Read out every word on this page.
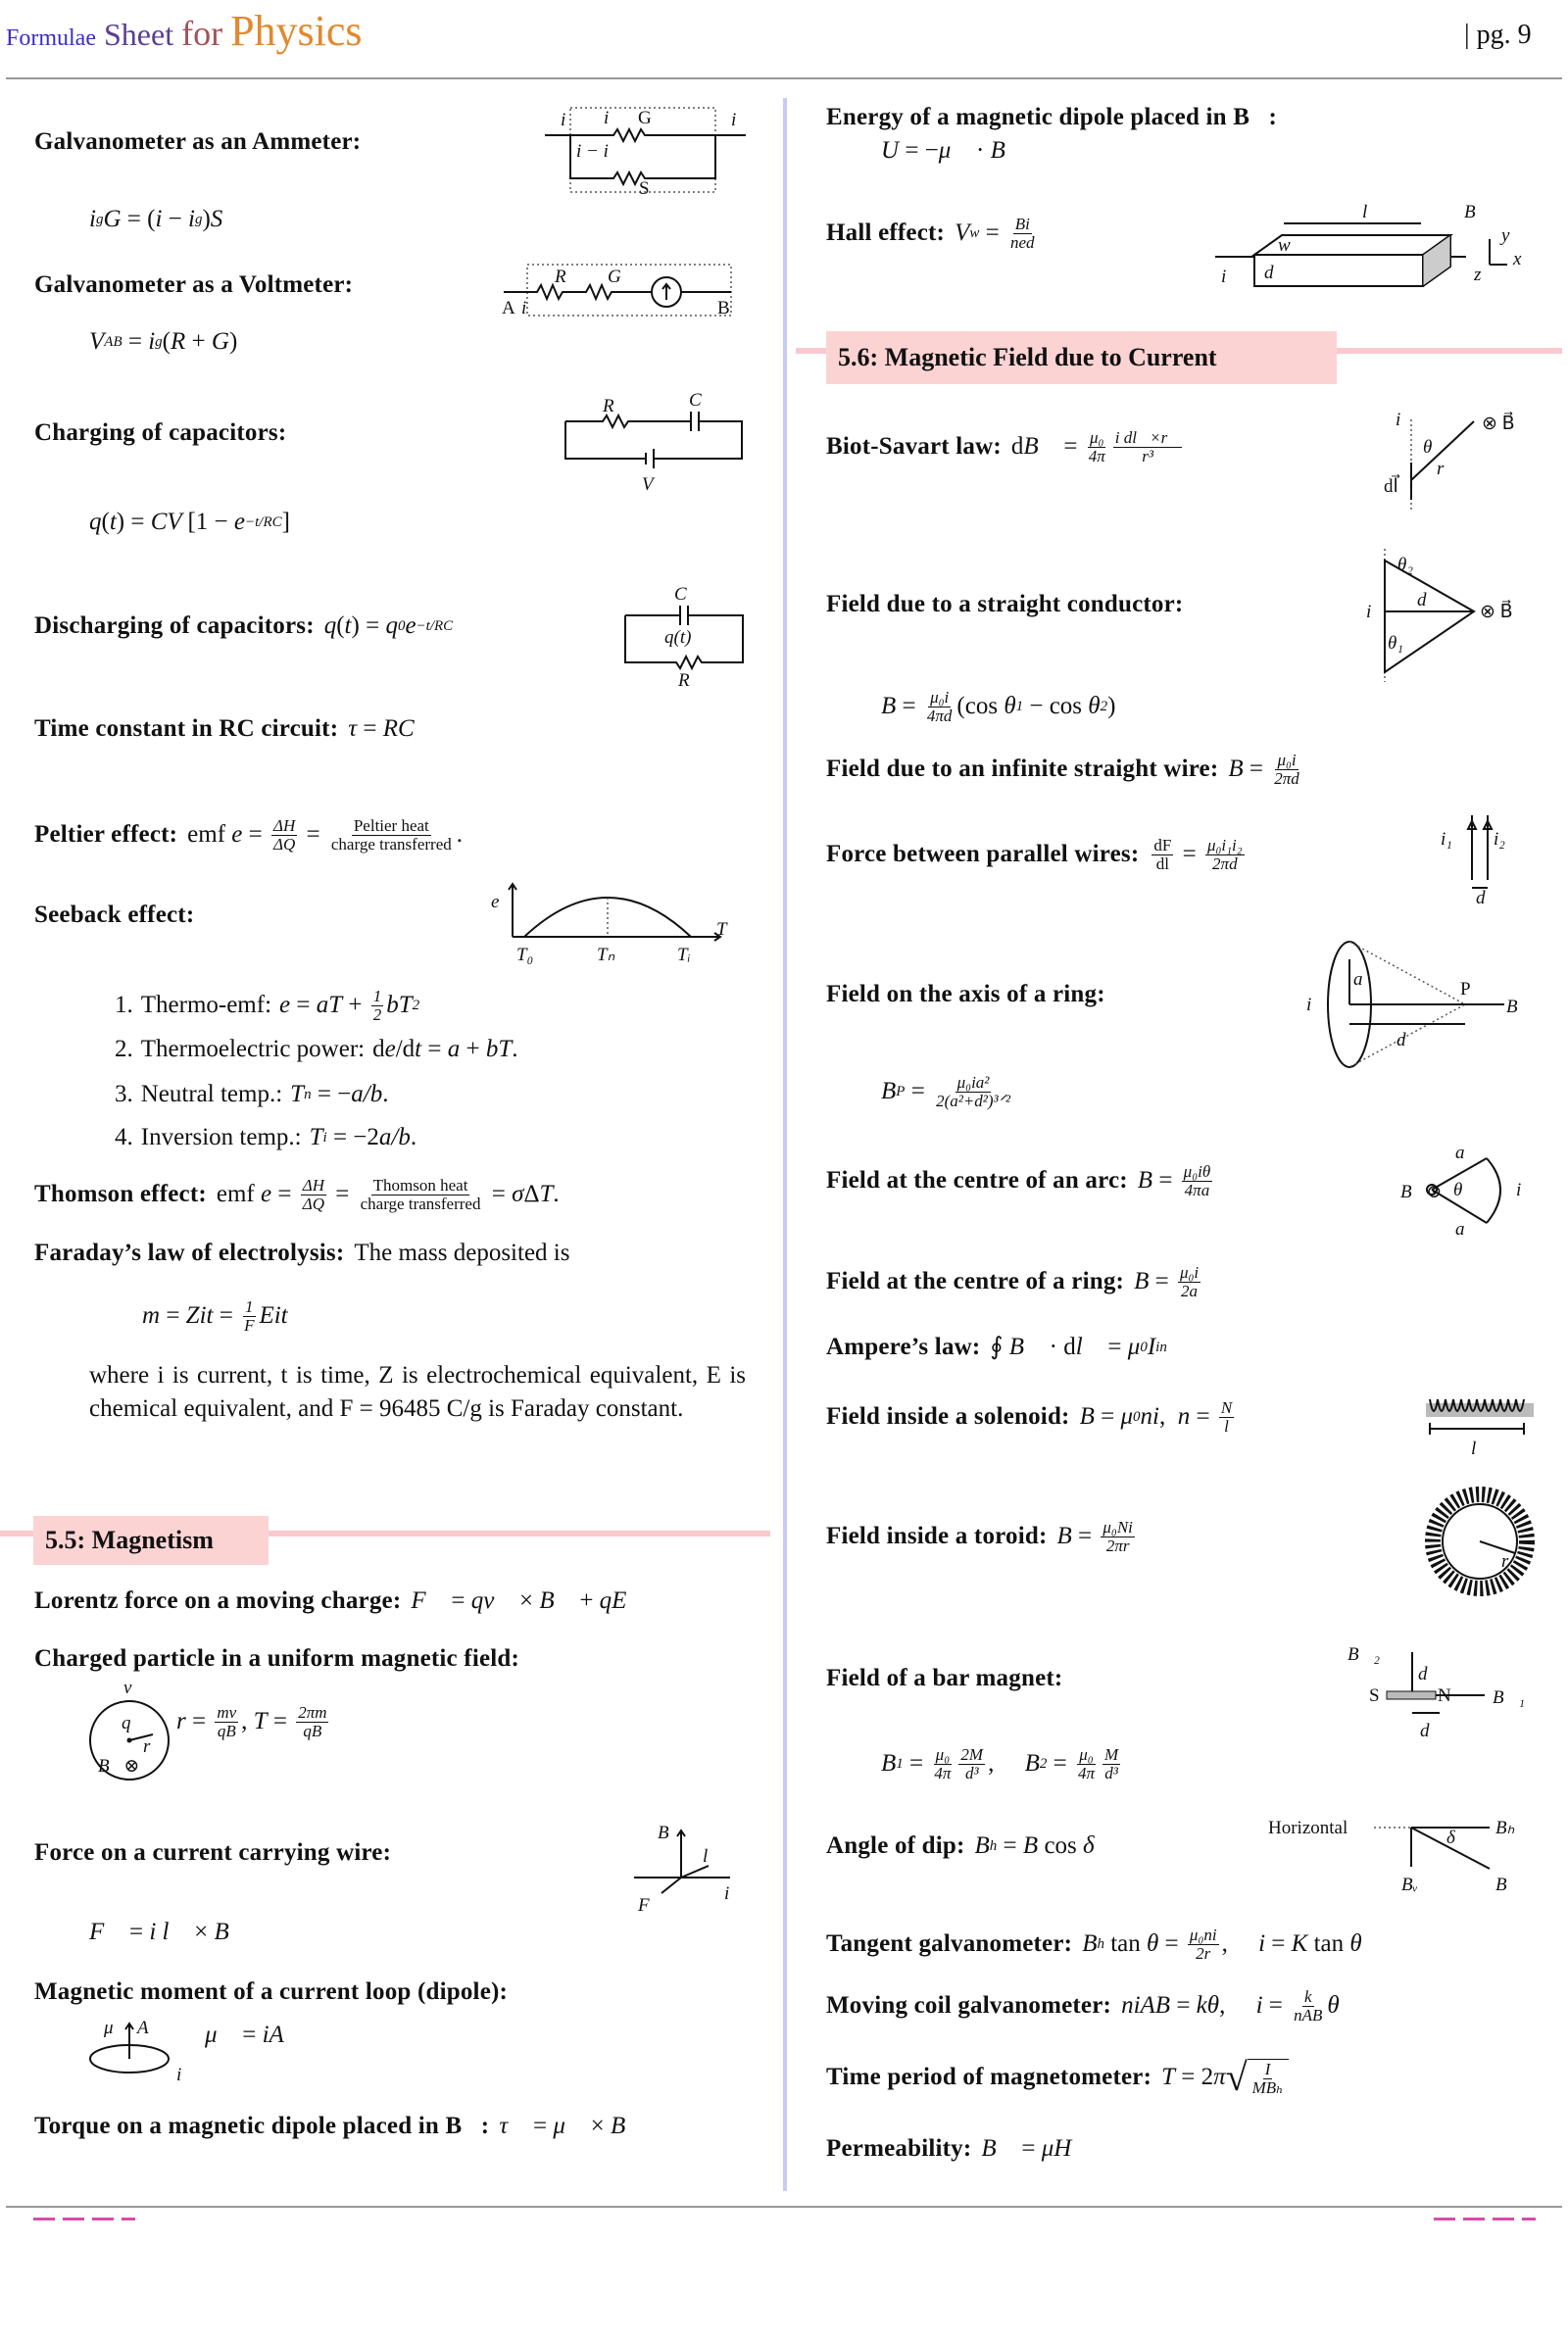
Formulae Sheet for Physics	| pg. 9
Galvanometer as an Ammeter:
i g G = ( i − i g ) S
i	i
G
i
i − i
S
Galvanometer as a Voltmeter:
V AB = i g ( R + G )
R G
A i	B
Charging of capacitors:
q ( t ) = CV [1 − e −t/RC ]
R	C
V
Discharging of capacitors: q ( t ) = q 0 e −t/RC
C
q(t)
R
Time constant in RC circuit: τ = RC
Peltier effect: emf $e = \frac{\Delta H}{\Delta Q} = \frac{\text{Peltier heat}}{\text{charge transferred}}$ .
Seeback effect:	e
T
T₀	Tₙ	Tᵢ
1. Thermo-emf: e = aT + $\frac{1}{2}$ bT 2
2. Thermoelectric power: d e /d t = a + bT .
3. Neutral temp.: T n = − a/b .
4. Inversion temp.: T i = −2 a/b .
Thomson effect: emf $e = \frac{\Delta H}{\Delta Q} = \frac{\text{Thomson heat}}{\text{charge transferred}} = \sigma$ Δ T .
Faraday’s law of electrolysis: The mass deposited is
m = Zit = $\frac{1}{F}$ Eit
where i is current, t is time, Z is electrochemical equivalent, E is chemical equivalent, and F = 96485 C/g is Faraday constant.
5.5: Magnetism
Lorentz force on a moving charge: F⃗ = qv⃗ × B⃗ + qE⃗
Charged particle in a uniform magnetic field:
v
q
r
B⃗⊗
$r = \frac{mv}{qB}$ , $T = \frac{2\pi m}{qB}$
Force on a current carrying wire:
F⃗ = i l⃗ × B⃗
B⃗
l⃗
F⃗
i
Magnetic moment of a current loop (dipole):
μ⃗ A⃗
i
μ⃗ = iA⃗
Torque on a magnetic dipole placed in B⃗: τ⃗ = μ⃗ × B⃗
Energy of a magnetic dipole placed in B⃗:
U = − μ⃗ · B⃗
Hall effect: V $w = \frac{Bi}{\text{ned}}$
l	B⃗
y
x
z
w
d
i
5.6: Magnetic Field due to Current
Biot-Savart law: d B⃗ = $\frac{\text{μ₀}}{4\pi} \frac{\text{i dl⃗×r⃗}}{\text{r³}}$
i
θ
r⃗
dl⃗
⊗ B⃗
Field due to a straight conductor:
θ₂
d
i
θ₁
⊗ B⃗
$B = \frac{\text{μ₀i}}{4\pi d} (\cos$ θ 1 − cos θ 2 )
Field due to an infinite straight wire: $B = \frac{\text{μ₀i}}{2\pi d}$
Force between parallel wires: $\frac{dF}{dl} = \frac{\text{μ₀i₁i₂}}{2\pi d}$	i₁ i₂
d
Field on the axis of a ring:	i
a	P
d
B⃗
B $P = \frac{\text{μ₀ia²}}{\text{2(a²+d²)³ᐟ²}}$
Field at the centre of an arc: $B = \frac{\text{μ₀iθ}}{4\pi a}$
a
B⃗⊙ θ
a
i
Field at the centre of a ring: $B = \frac{\text{μ₀i}}{2a}$
Ampere’s law: ∮ B⃗ · d l⃗ = μ 0 I in
Field inside a solenoid: B = μ 0 ni , $n = \frac{N}{l}$
l
Field inside a toroid: $B = \frac{\text{μ₀Ni}}{2\pi r}$
r
Field of a bar magnet:
B⃗₂
S	N B⃗₁
d
d
B $1 = \frac{\text{μ₀}}{4\pi} \frac{2M}{\text{d³}}$ , B $2 = \frac{\text{μ₀}}{4\pi} \frac{M}{\text{d³}}$
Angle of dip: B h = B cos δ
Horizontal	Bₕ
δ
Bᵥ	B
Tangent galvanometer: B h $\tan \theta = \frac{\text{μ₀ni}}{2r}$ , i = K tan θ
Moving coil galvanometer: niAB = kθ , $i = \frac{k}{\text{nAB}}$ θ
Time period of magnetometer: T = 2 π √ $\frac{I}{\text{MBₕ}}$
Permeability: B⃗ = μH⃗
